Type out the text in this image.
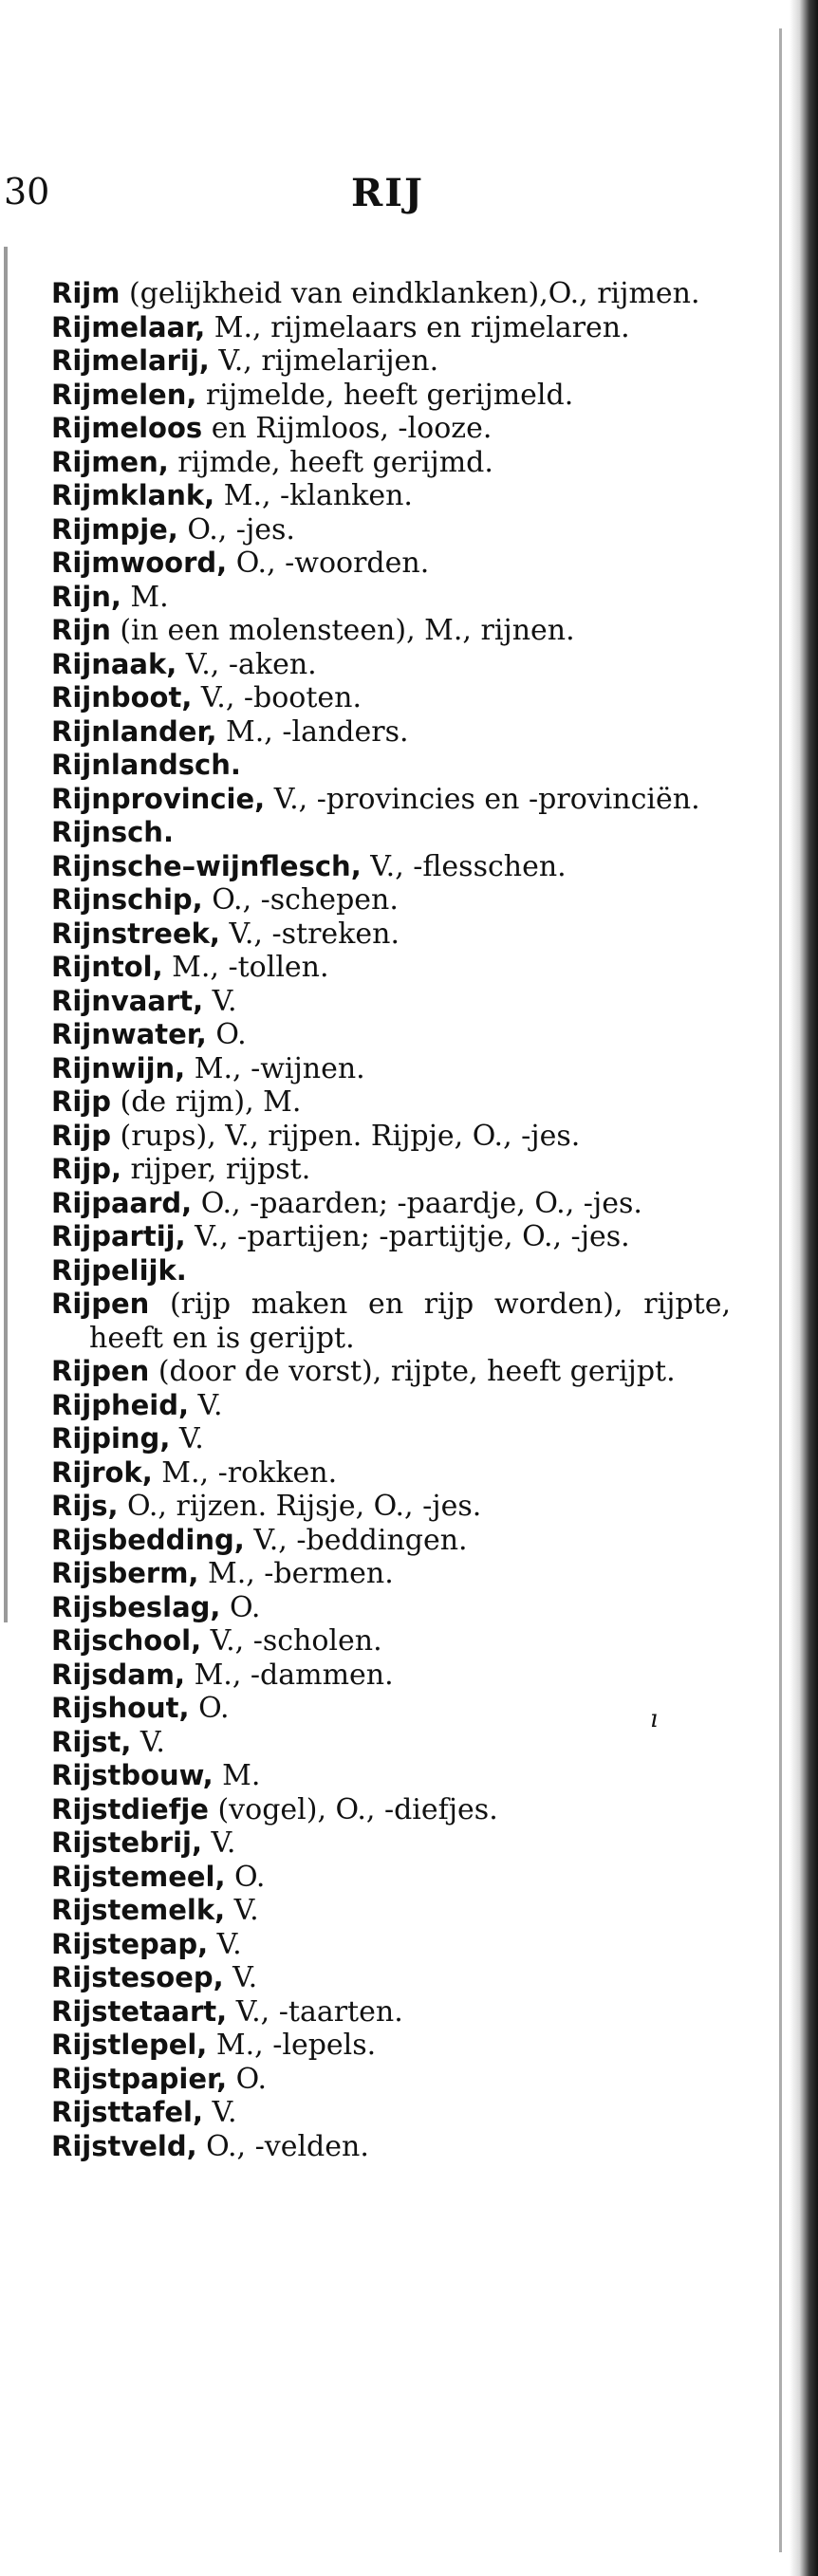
30	RIJ
Rijm (gelijkheid van eindklanken),O., rijmen.
Rijmelaar, M., rijmelaars en rijmelaren.
Rijmelarij, V., rijmelarijen.
Rijmelen, rijmelde, heeft gerijmeld.
Rijmeloos en Rijmloos, -looze.
Rijmen, rijmde, heeft gerijmd.
Rijmklank, M., -klanken.
Rijmpje, O., -jes.
Rijmwoord, O., -woorden.
Rijn, M.
Rijn (in een molensteen), M., rijnen.
Rijnaak, V., -aken.
Rijnboot, V., -booten.
Rijnlander, M., -landers.
Rijnlandsch.
Rijnprovincie, V., -provincies en -provinciën.
Rijnsch.
Rijnsche–wijnflesch, V., -flesschen.
Rijnschip, O., -schepen.
Rijnstreek, V., -streken.
Rijntol, M., -tollen.
Rijnvaart, V.
Rijnwater, O.
Rijnwijn, M., -wijnen.
Rijp (de rijm), M.
Rijp (rups), V., rijpen. Rijpje, O., -jes.
Rijp, rijper, rijpst.
Rijpaard, O., -paarden; -paardje, O., -jes.
Rijpartij, V., -partijen; -partijtje, O., -jes.
Rijpelijk.
Rijpen (rijp maken en rijp worden), rijpte, heeft en is gerijpt.
Rijpen (door de vorst), rijpte, heeft gerijpt.
Rijpheid, V.
Rijping, V.
Rijrok, M., -rokken.
Rijs, O., rijzen. Rijsje, O., -jes.
Rijsbedding, V., -beddingen.
Rijsberm, M., -bermen.
Rijsbeslag, O.
Rijschool, V., -scholen.
Rijsdam, M., -dammen.
Rijshout, O.
Rijst, V.
Rijstbouw, M.
Rijstdiefje (vogel), O., -diefjes.
Rijstebrij, V.
Rijstemeel, O.
Rijstemelk, V.
Rijstepap, V.
Rijstesoep, V.
Rijstetaart, V., -taarten.
Rijstlepel, M., -lepels.
Rijstpapier, O.
Rijsttafel, V.
Rijstveld, O., -velden.
ı
